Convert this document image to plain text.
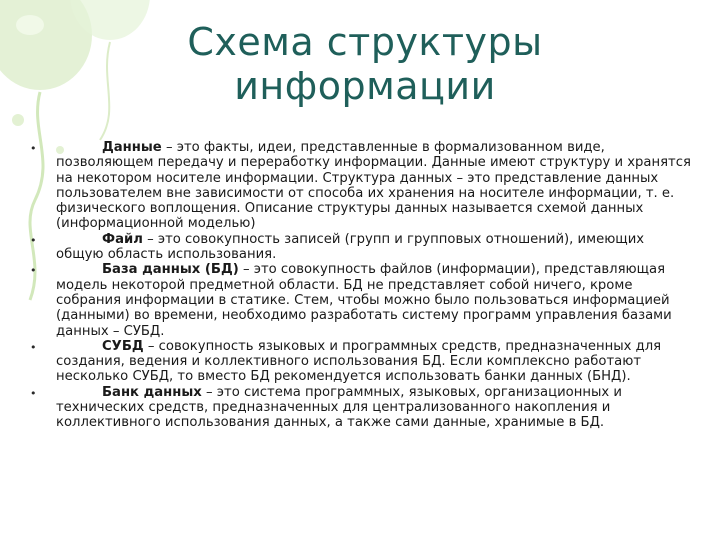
Схема структуры
информации
•	Данные – это факты, идеи, представленные в формализованном виде, позволяющем передачу и переработку информации. Данные имеют структуру и хранятся на некотором носителе информации. Структура данных – это представление данных пользователем вне зависимости от способа их хранения на носителе информации, т. е. физического воплощения. Описание структуры данных называется схемой данных (информационной моделью)
•	Файл – это совокупность записей (групп и групповых отношений), имеющих общую область использования.
•	База данных (БД) – это совокупность файлов (информации), представляющая модель некоторой предметной области. БД не представляет собой ничего, кроме собрания информации в статике. Стем, чтобы можно было пользоваться информацией (данными) во времени, необходимо разработать систему программ управления базами данных – СУБД.
•	СУБД – совокупность языковых и программных средств, предназначенных для создания, ведения и коллективного использования БД. Если комплексно работают несколько СУБД, то вместо БД рекомендуется использовать банки данных (БНД).
•	Банк данных – это система программных, языковых, организационных и технических средств, предназначенных для централизованного накопления и коллективного использования данных, а также сами данные, хранимые в БД.
